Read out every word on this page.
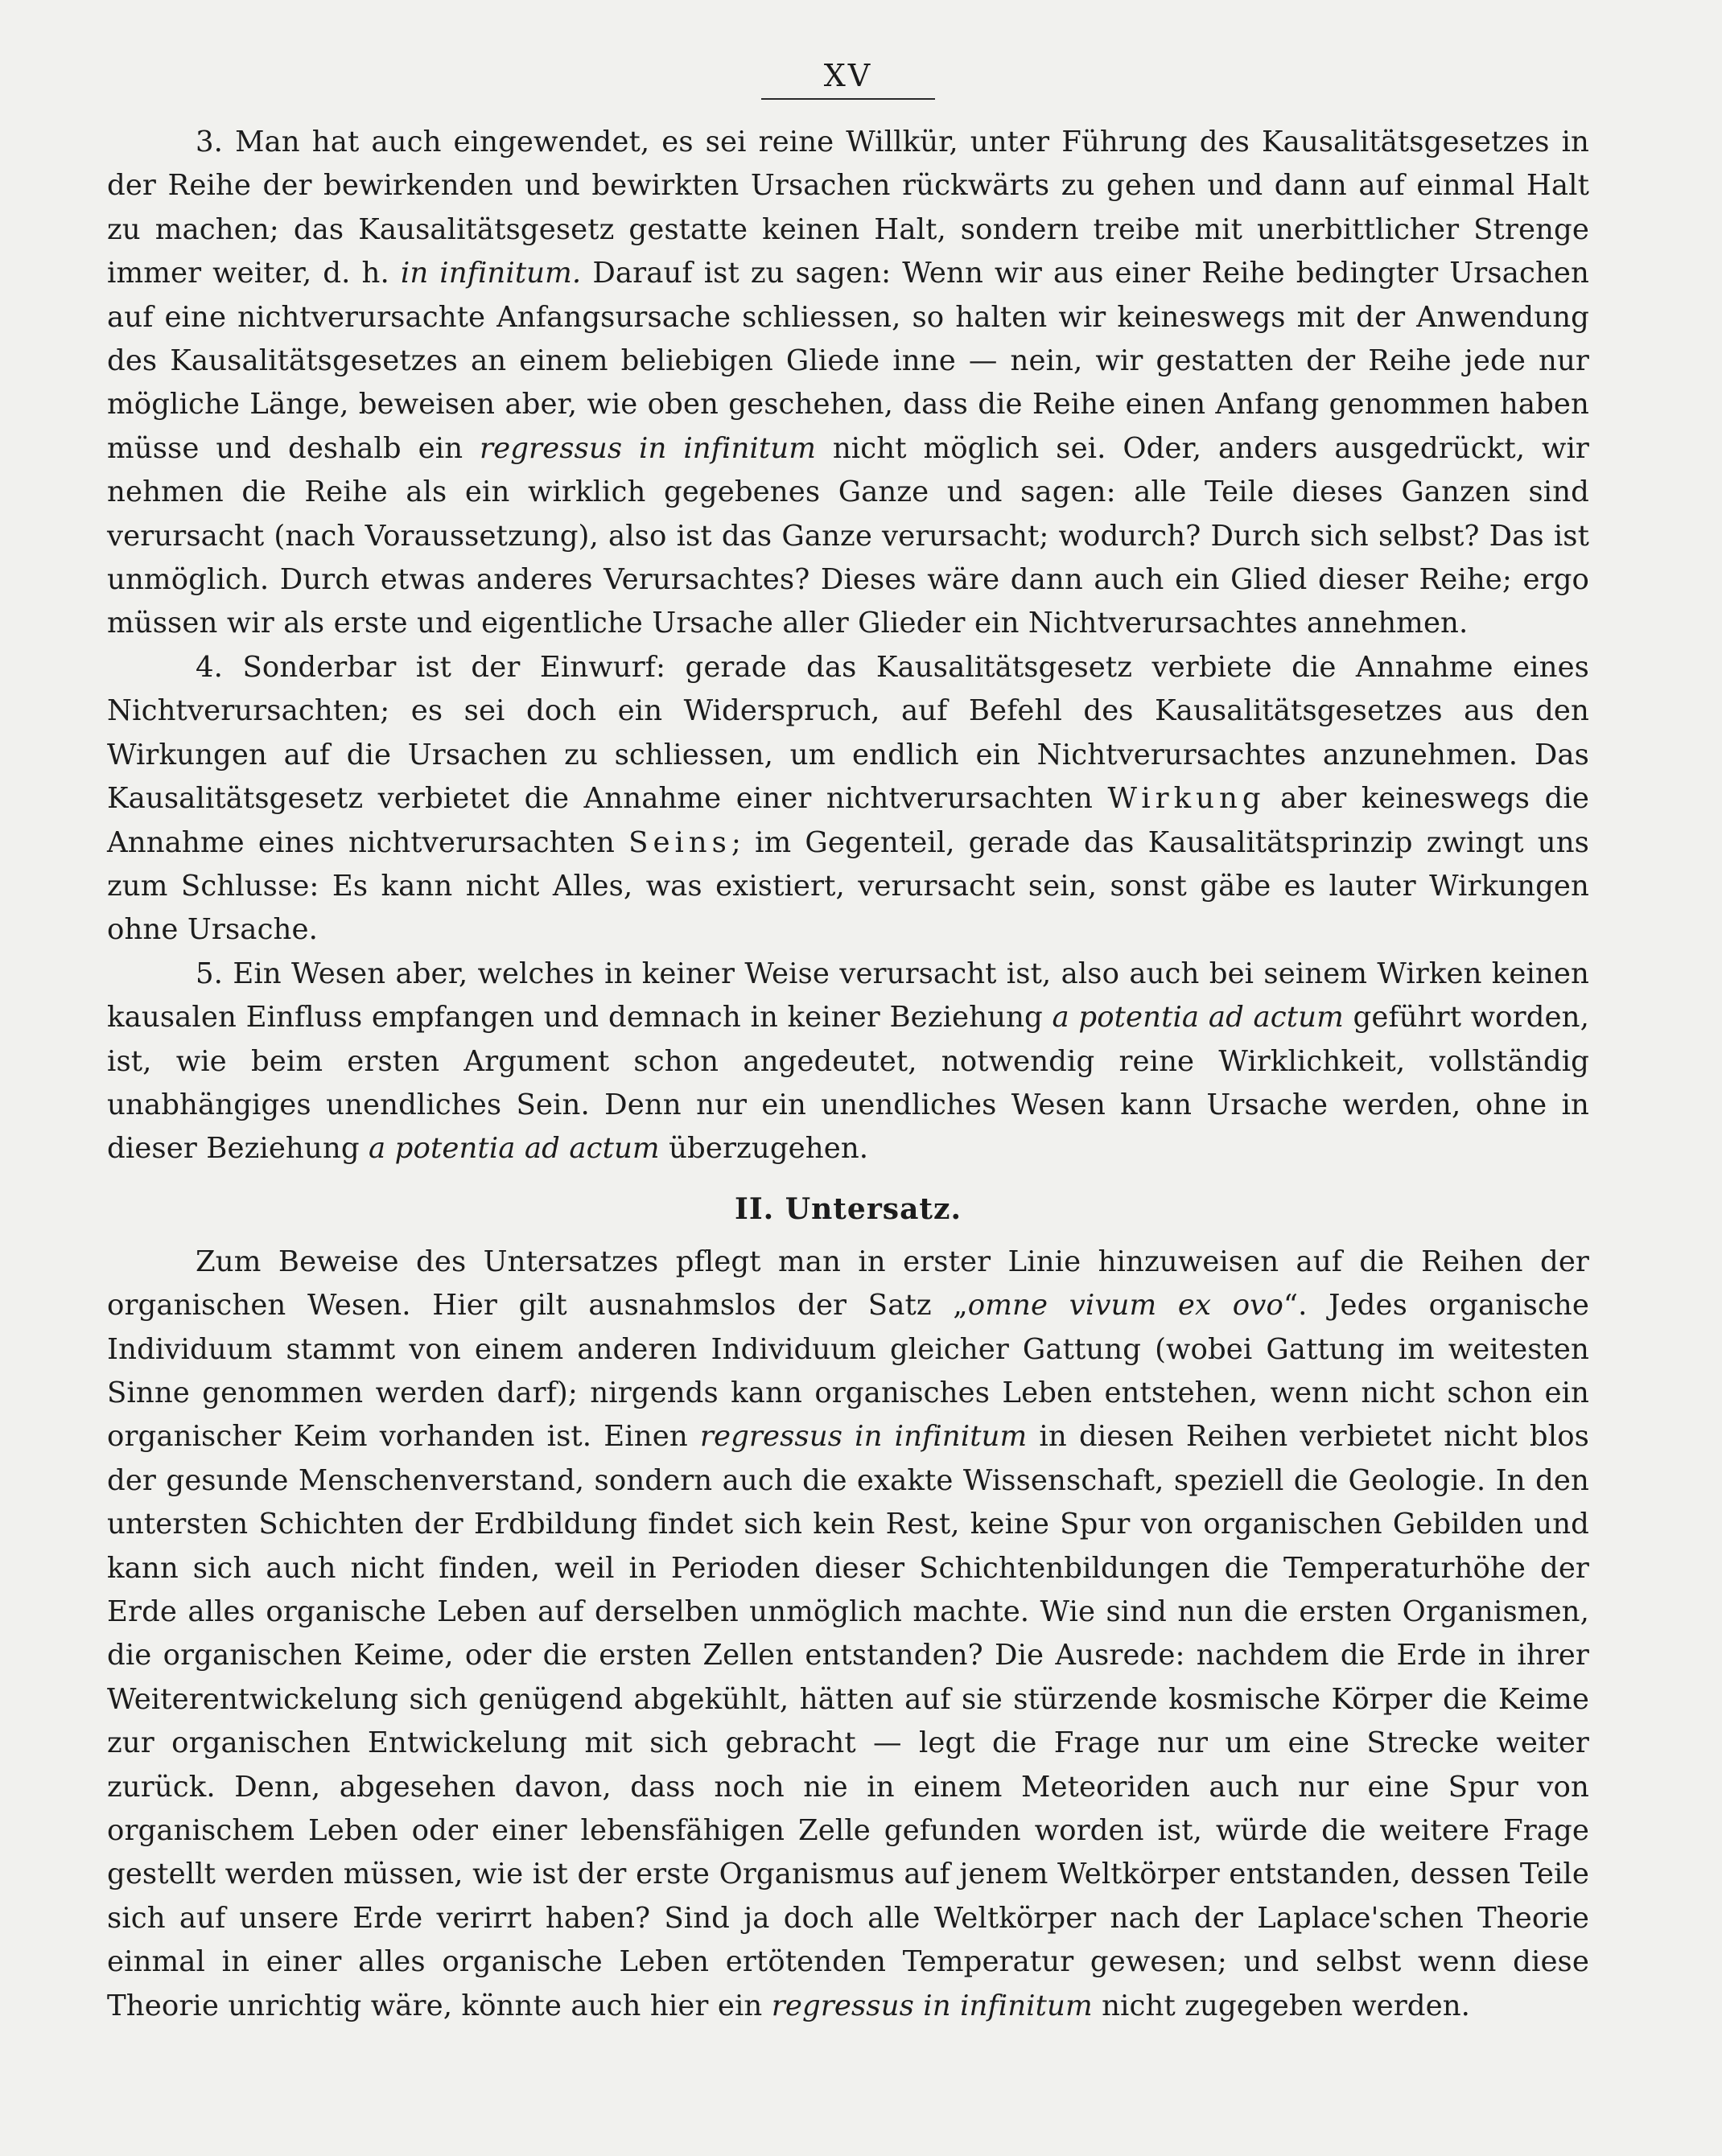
XV

3. Man hat auch eingewendet, es sei reine Willkür, unter Führung des Kausalitätsgesetzes in der Reihe der bewirkenden und bewirkten Ursachen rückwärts zu gehen und dann auf einmal Halt zu machen; das Kausalitätsgesetz gestatte keinen Halt, sondern treibe mit unerbittlicher Strenge immer weiter, d. h. in infinitum. Darauf ist zu sagen: Wenn wir aus einer Reihe bedingter Ursachen auf eine nichtverursachte Anfangsursache schliessen, so halten wir keineswegs mit der Anwendung des Kausalitätsgesetzes an einem beliebigen Gliede inne — nein, wir gestatten der Reihe jede nur mögliche Länge, beweisen aber, wie oben geschehen, dass die Reihe einen Anfang genommen haben müsse und deshalb ein regressus in infinitum nicht möglich sei. Oder, anders ausgedrückt, wir nehmen die Reihe als ein wirklich gegebenes Ganze und sagen: alle Teile dieses Ganzen sind verursacht (nach Voraussetzung), also ist das Ganze verursacht; wodurch? Durch sich selbst? Das ist unmöglich. Durch etwas anderes Verursachtes? Dieses wäre dann auch ein Glied dieser Reihe; ergo müssen wir als erste und eigentliche Ursache aller Glieder ein Nichtverursachtes annehmen.

4. Sonderbar ist der Einwurf: gerade das Kausalitätsgesetz verbiete die Annahme eines Nichtverursachten; es sei doch ein Widerspruch, auf Befehl des Kausalitätsgesetzes aus den Wirkungen auf die Ursachen zu schliessen, um endlich ein Nichtverursachtes anzunehmen. Das Kausalitätsgesetz verbietet die Annahme einer nichtverursachten Wirkung aber keineswegs die Annahme eines nichtverursachten Seins; im Gegenteil, gerade das Kausalitätsprinzip zwingt uns zum Schlusse: Es kann nicht Alles, was existiert, verursacht sein, sonst gäbe es lauter Wirkungen ohne Ursache.

5. Ein Wesen aber, welches in keiner Weise verursacht ist, also auch bei seinem Wirken keinen kausalen Einfluss empfangen und demnach in keiner Beziehung a potentia ad actum geführt worden, ist, wie beim ersten Argument schon angedeutet, notwendig reine Wirklichkeit, vollständig unabhängiges unendliches Sein. Denn nur ein unendliches Wesen kann Ursache werden, ohne in dieser Beziehung a potentia ad actum überzugehen.

II. Untersatz.

Zum Beweise des Untersatzes pflegt man in erster Linie hinzuweisen auf die Reihen der organischen Wesen. Hier gilt ausnahmslos der Satz „omne vivum ex ovo“. Jedes organische Individuum stammt von einem anderen Individuum gleicher Gattung (wobei Gattung im weitesten Sinne genommen werden darf); nirgends kann organisches Leben entstehen, wenn nicht schon ein organischer Keim vorhanden ist. Einen regressus in infinitum in diesen Reihen verbietet nicht blos der gesunde Menschenverstand, sondern auch die exakte Wissenschaft, speziell die Geologie. In den untersten Schichten der Erdbildung findet sich kein Rest, keine Spur von organischen Gebilden und kann sich auch nicht finden, weil in Perioden dieser Schichtenbildungen die Temperaturhöhe der Erde alles organische Leben auf derselben unmöglich machte. Wie sind nun die ersten Organismen, die organischen Keime, oder die ersten Zellen entstanden? Die Ausrede: nachdem die Erde in ihrer Weiterentwickelung sich genügend abgekühlt, hätten auf sie stürzende kosmische Körper die Keime zur organischen Entwickelung mit sich gebracht — legt die Frage nur um eine Strecke weiter zurück. Denn, abgesehen davon, dass noch nie in einem Meteoriden auch nur eine Spur von organischem Leben oder einer lebensfähigen Zelle gefunden worden ist, würde die weitere Frage gestellt werden müssen, wie ist der erste Organismus auf jenem Weltkörper entstanden, dessen Teile sich auf unsere Erde verirrt haben? Sind ja doch alle Weltkörper nach der Laplace'schen Theorie einmal in einer alles organische Leben ertötenden Temperatur gewesen; und selbst wenn diese Theorie unrichtig wäre, könnte auch hier ein regressus in infinitum nicht zugegeben werden.
